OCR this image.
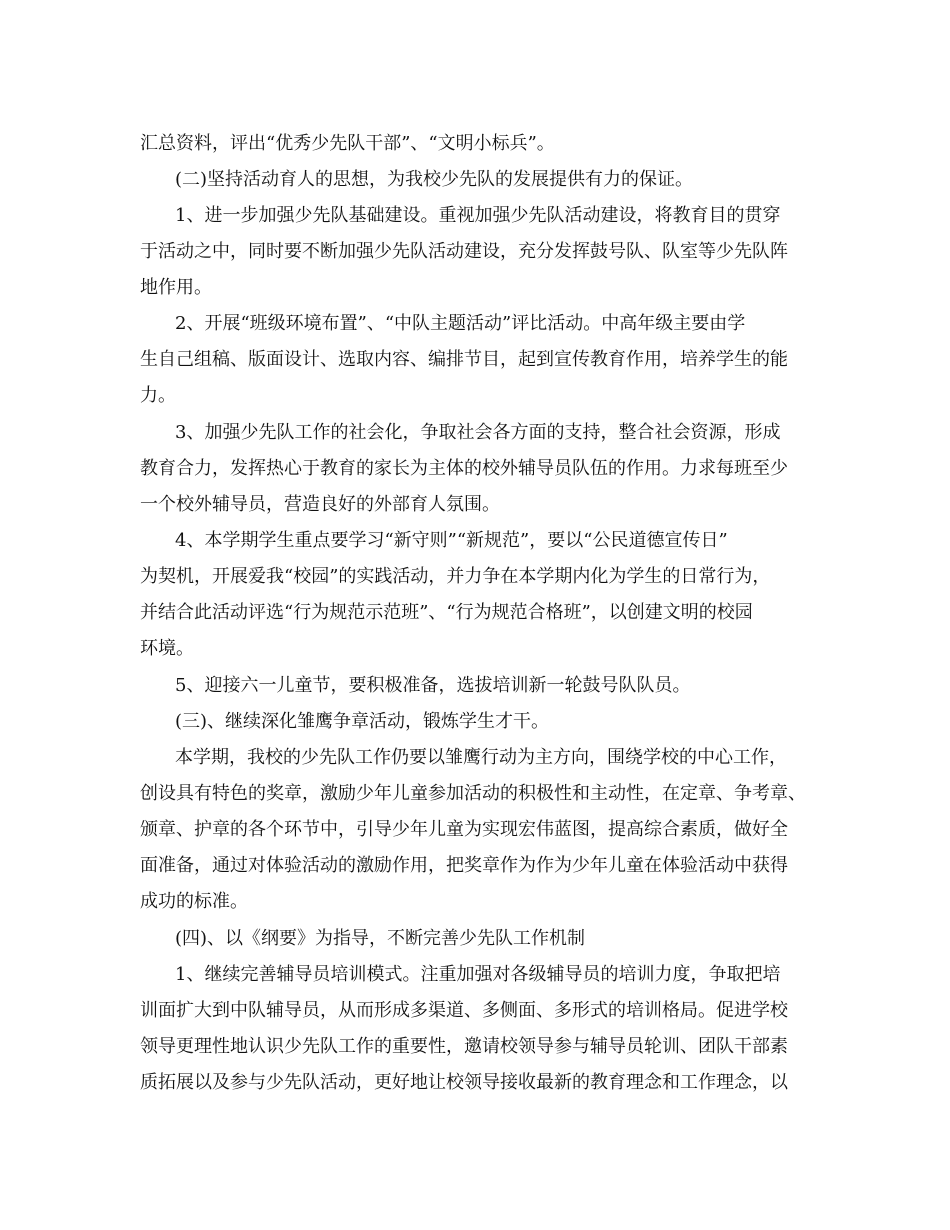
汇总资料，评出“优秀少先队干部”、“文明小标兵”。
(二)坚持活动育人的思想，为我校少先队的发展提供有力的保证。
1、进一步加强少先队基础建设。重视加强少先队活动建设，将教育目的贯穿
于活动之中，同时要不断加强少先队活动建设，充分发挥鼓号队、队室等少先队阵
地作用。
2、开展“班级环境布置”、“中队主题活动”评比活动。中高年级主要由学
生自己组稿、版面设计、选取内容、编排节目，起到宣传教育作用，培养学生的能
力。
3、加强少先队工作的社会化，争取社会各方面的支持，整合社会资源，形成
教育合力，发挥热心于教育的家长为主体的校外辅导员队伍的作用。力求每班至少
一个校外辅导员，营造良好的外部育人氛围。
4、本学期学生重点要学习“新守则”“新规范”，要以“公民道德宣传日”
为契机，开展爱我“校园”的实践活动，并力争在本学期内化为学生的日常行为，
并结合此活动评选“行为规范示范班”、“行为规范合格班”，以创建文明的校园
环境。
5、迎接六一儿童节，要积极准备，选拔培训新一轮鼓号队队员。
(三)、继续深化雏鹰争章活动，锻炼学生才干。
本学期，我校的少先队工作仍要以雏鹰行动为主方向，围绕学校的中心工作，
创设具有特色的奖章，激励少年儿童参加活动的积极性和主动性，在定章、争考章、
颁章、护章的各个环节中，引导少年儿童为实现宏伟蓝图，提高综合素质，做好全
面准备，通过对体验活动的激励作用，把奖章作为作为少年儿童在体验活动中获得
成功的标准。
(四)、以《纲要》为指导，不断完善少先队工作机制
1、继续完善辅导员培训模式。注重加强对各级辅导员的培训力度，争取把培
训面扩大到中队辅导员，从而形成多渠道、多侧面、多形式的培训格局。促进学校
领导更理性地认识少先队工作的重要性，邀请校领导参与辅导员轮训、团队干部素
质拓展以及参与少先队活动，更好地让校领导接收最新的教育理念和工作理念，以
